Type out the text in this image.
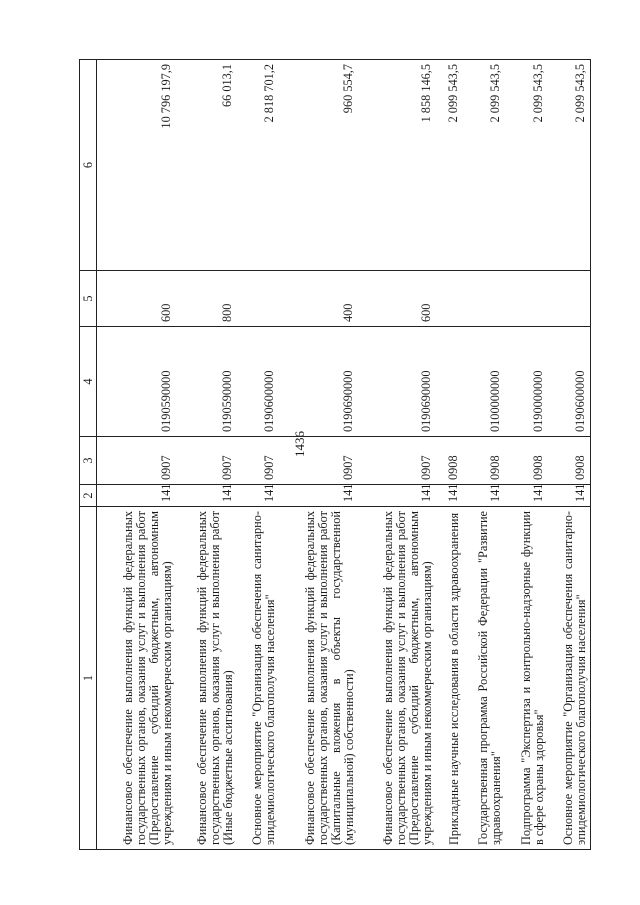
1436
1	2	3	4	5	6
Финансовое обеспечение выполнения функций федеральных государственных органов, оказания услуг и выполнения работ (Предоставление субсидий бюджетным, автономным учреждениям и иным некоммерческим организациям)	141	0907	0190590000	600	10 796 197,9
Финансовое обеспечение выполнения функций федеральных государственных органов, оказания услуг и выполнения работ (Иные бюджетные ассигнования)	141	0907	0190590000	800	66 013,1
Основное мероприятие "Организация обеспечения санитарно-эпидемиологического благополучия населения"	141	0907	0190600000		2 818 701,2
Финансовое обеспечение выполнения функций федеральных государственных органов, оказания услуг и выполнения работ (Капитальные вложения в объекты государственной (муниципальной) собственности)	141	0907	0190690000	400	960 554,7
Финансовое обеспечение выполнения функций федеральных государственных органов, оказания услуг и выполнения работ (Предоставление субсидий бюджетным, автономным учреждениям и иным некоммерческим организациям)	141	0907	0190690000	600	1 858 146,5
Прикладные научные исследования в области здравоохранения	141	0908			2 099 543,5
Государственная программа Российской Федерации "Развитие здравоохранения"	141	0908	0100000000		2 099 543,5
Подпрограмма "Экспертиза и контрольно-надзорные функции в сфере охраны здоровья"	141	0908	0190000000		2 099 543,5
Основное мероприятие "Организация обеспечения санитарно-эпидемиологического благополучия населения"	141	0908	0190600000		2 099 543,5
